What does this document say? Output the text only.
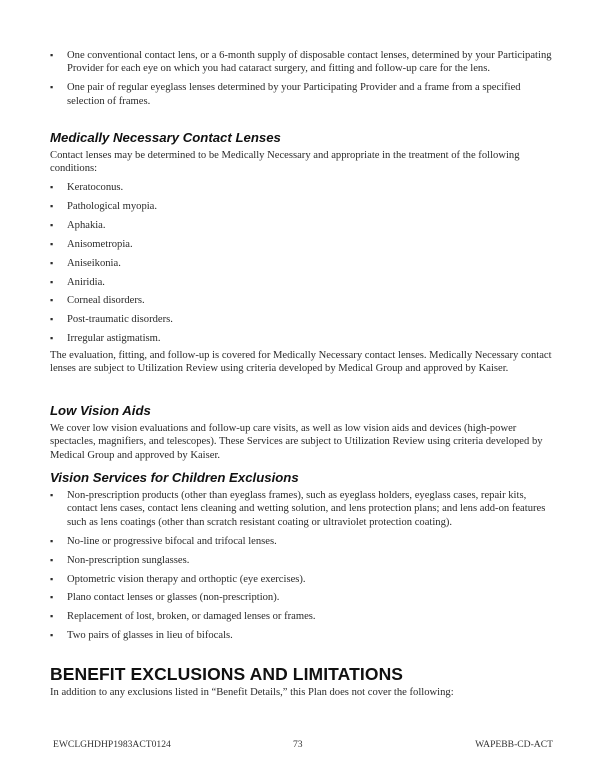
▪ One conventional contact lens, or a 6-month supply of disposable contact lenses, determined by your Participating Provider for each eye on which you had cataract surgery, and fitting and follow-up care for the lens.
▪ One pair of regular eyeglass lenses determined by your Participating Provider and a frame from a specified selection of frames.
Medically Necessary Contact Lenses

Contact lenses may be determined to be Medically Necessary and appropriate in the treatment of the following conditions:

▪ Keratoconus.
▪ Pathological myopia.
▪ Aphakia.
▪ Anisometropia.
▪ Aniseikonia.
▪ Aniridia.
▪ Corneal disorders.
▪ Post-traumatic disorders.
▪ Irregular astigmatism.

The evaluation, fitting, and follow-up is covered for Medically Necessary contact lenses. Medically Necessary contact lenses are subject to Utilization Review using criteria developed by Medical Group and approved by Kaiser.

Low Vision Aids

We cover low vision evaluations and follow-up care visits, as well as low vision aids and devices (high-power spectacles, magnifiers, and telescopes). These Services are subject to Utilization Review using criteria developed by Medical Group and approved by Kaiser.

Vision Services for Children Exclusions
▪ Non-prescription products (other than eyeglass frames), such as eyeglass holders, eyeglass cases, repair kits, contact lens cases, contact lens cleaning and wetting solution, and lens protection plans; and lens add-on features such as lens coatings (other than scratch resistant coating or ultraviolet protection coating).
▪ No-line or progressive bifocal and trifocal lenses.
▪ Non-prescription sunglasses.
▪ Optometric vision therapy and orthoptic (eye exercises).
▪ Plano contact lenses or glasses (non-prescription).
▪ Replacement of lost, broken, or damaged lenses or frames.
▪ Two pairs of glasses in lieu of bifocals.
BENEFIT EXCLUSIONS AND LIMITATIONS

In addition to any exclusions listed in “Benefit Details,” this Plan does not cover the following:

EWCLGHDHP1983ACT0124	73	WAPEBB-CD-ACT
